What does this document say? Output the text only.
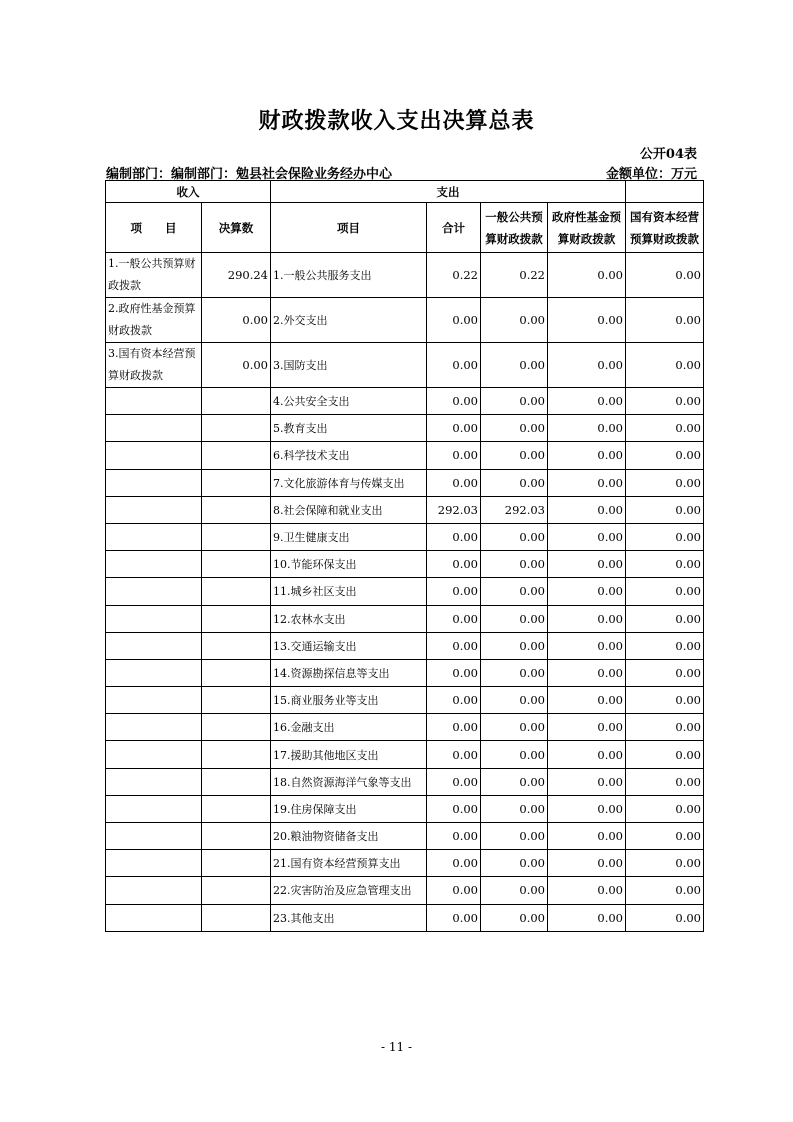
财政拨款收入支出决算总表
公开04表
编制部门：编制部门：勉县社会保险业务经办中心	金额单位：万元
收入		支出				
项　　目	决算数	项目	合计	一般公共预算财政拨款	政府性基金预算财政拨款	国有资本经营预算财政拨款
1.一般公共预算财政拨款	290.24	1.一般公共服务支出	0.22	0.22	0.00	0.00
2.政府性基金预算财政拨款	0.00	2.外交支出	0.00	0.00	0.00	0.00
3.国有资本经营预算财政拨款	0.00	3.国防支出	0.00	0.00	0.00	0.00
		4.公共安全支出	0.00	0.00	0.00	0.00
		5.教育支出	0.00	0.00	0.00	0.00
		6.科学技术支出	0.00	0.00	0.00	0.00
		7.文化旅游体育与传媒支出	0.00	0.00	0.00	0.00
		8.社会保障和就业支出	292.03	292.03	0.00	0.00
		9.卫生健康支出	0.00	0.00	0.00	0.00
		10.节能环保支出	0.00	0.00	0.00	0.00
		11.城乡社区支出	0.00	0.00	0.00	0.00
		12.农林水支出	0.00	0.00	0.00	0.00
		13.交通运输支出	0.00	0.00	0.00	0.00
		14.资源勘探信息等支出	0.00	0.00	0.00	0.00
		15.商业服务业等支出	0.00	0.00	0.00	0.00
		16.金融支出	0.00	0.00	0.00	0.00
		17.援助其他地区支出	0.00	0.00	0.00	0.00
		18.自然资源海洋气象等支出	0.00	0.00	0.00	0.00
		19.住房保障支出	0.00	0.00	0.00	0.00
		20.粮油物资储备支出	0.00	0.00	0.00	0.00
		21.国有资本经营预算支出	0.00	0.00	0.00	0.00
		22.灾害防治及应急管理支出	0.00	0.00	0.00	0.00
		23.其他支出	0.00	0.00	0.00	0.00
- 11 -
